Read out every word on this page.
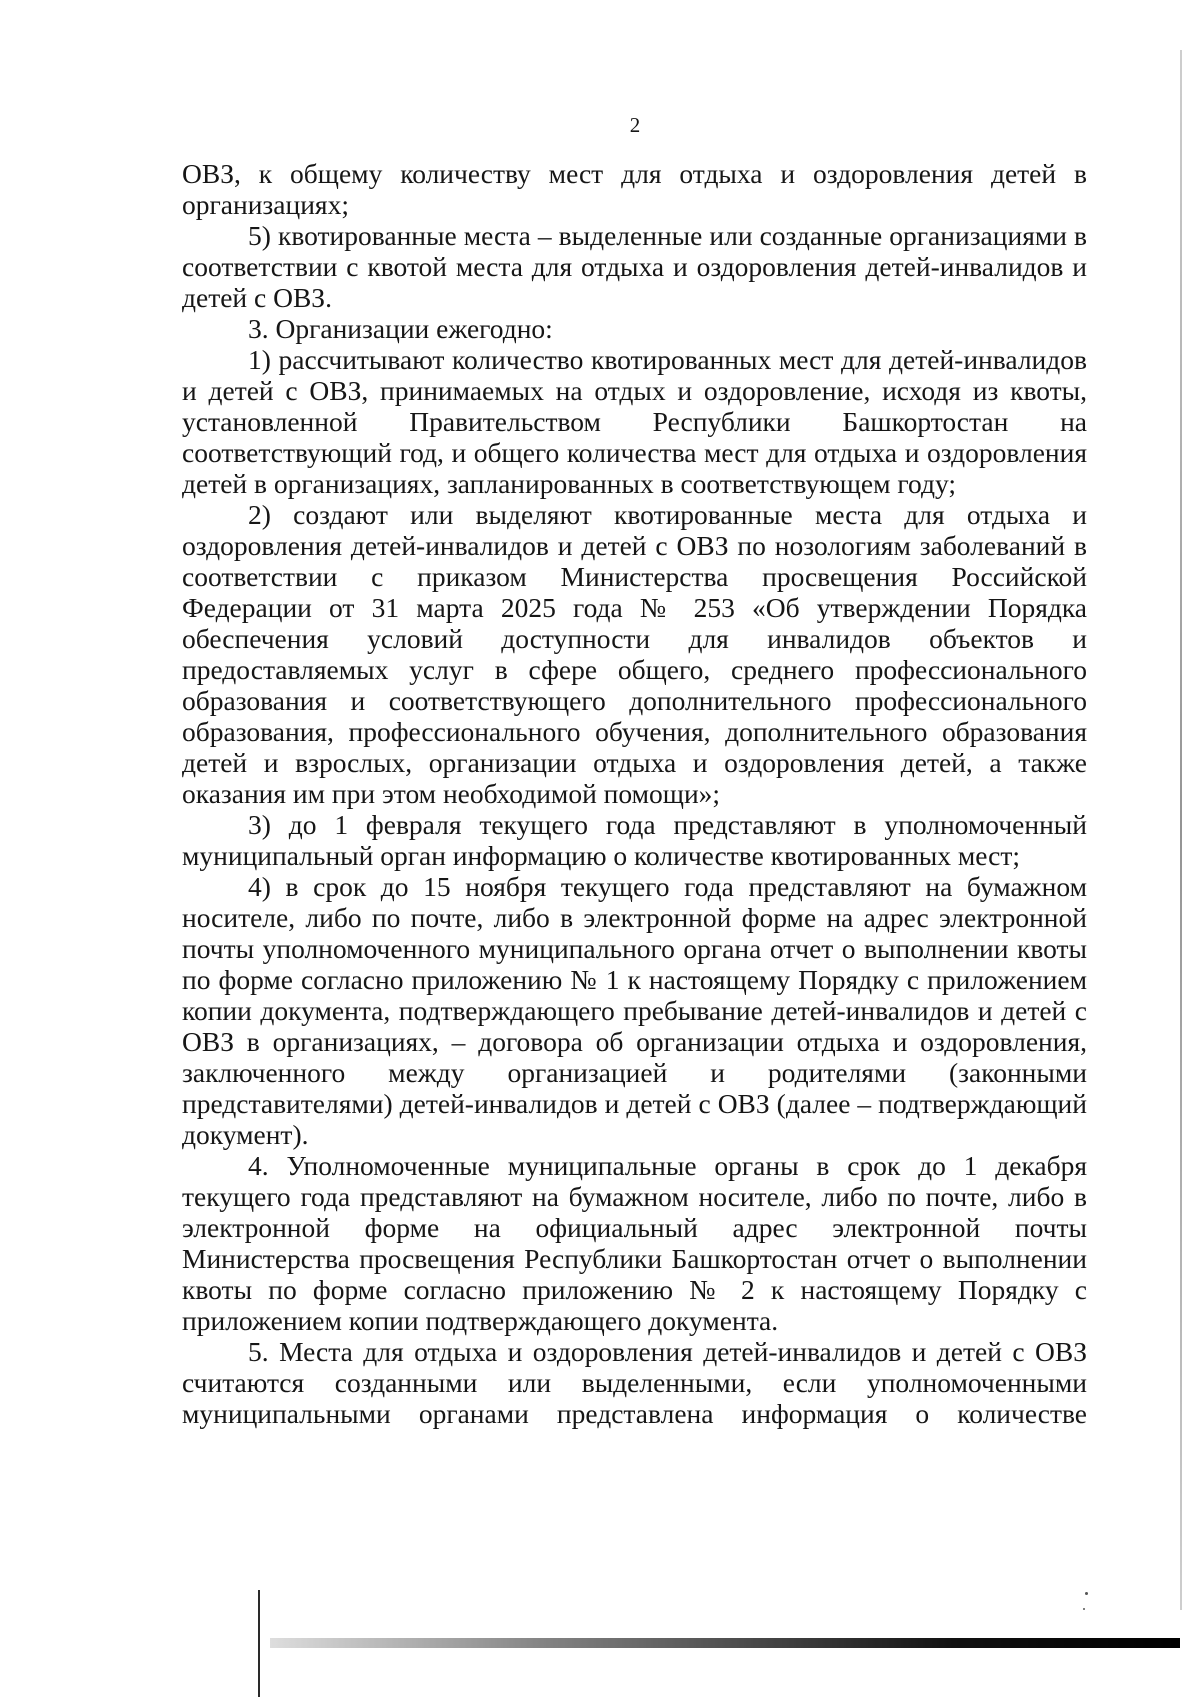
2

ОВЗ, к общему количеству мест для отдыха и оздоровления детей в организациях;

5) квотированные места – выделенные или созданные организациями в соответствии с квотой места для отдыха и оздоровления детей-инвалидов и детей с ОВЗ.

3. Организации ежегодно:

1) рассчитывают количество квотированных мест для детей-инвалидов и детей с ОВЗ, принимаемых на отдых и оздоровление, исходя из квоты, установленной Правительством Республики Башкортостан на соответствующий год, и общего количества мест для отдыха и оздоровления детей в организациях, запланированных в соответствующем году;

2) создают или выделяют квотированные места для отдыха и оздоровления детей-инвалидов и детей с ОВЗ по нозологиям заболеваний в соответствии с приказом Министерства просвещения Российской Федерации от 31 марта 2025 года № 253 «Об утверждении Порядка обеспечения условий доступности для инвалидов объектов и предоставляемых услуг в сфере общего, среднего профессионального образования и соответствующего дополнительного профессионального образования, профессионального обучения, дополнительного образования детей и взрослых, организации отдыха и оздоровления детей, а также оказания им при этом необходимой помощи»;

3) до 1 февраля текущего года представляют в уполномоченный муниципальный орган информацию о количестве квотированных мест;

4) в срок до 15 ноября текущего года представляют на бумажном носителе, либо по почте, либо в электронной форме на адрес электронной почты уполномоченного муниципального органа отчет о выполнении квоты по форме согласно приложению № 1 к настоящему Порядку с приложением копии документа, подтверждающего пребывание детей-инвалидов и детей с ОВЗ в организациях, – договора об организации отдыха и оздоровления, заключенного между организацией и родителями (законными представителями) детей-инвалидов и детей с ОВЗ (далее – подтверждающий документ).

4. Уполномоченные муниципальные органы в срок до 1 декабря текущего года представляют на бумажном носителе, либо по почте, либо в электронной форме на официальный адрес электронной почты Министерства просвещения Республики Башкортостан отчет о выполнении квоты по форме согласно приложению № 2 к настоящему Порядку с приложением копии подтверждающего документа.

5. Места для отдыха и оздоровления детей-инвалидов и детей с ОВЗ считаются созданными или выделенными, если уполномоченными муниципальными органами представлена информация о количестве
